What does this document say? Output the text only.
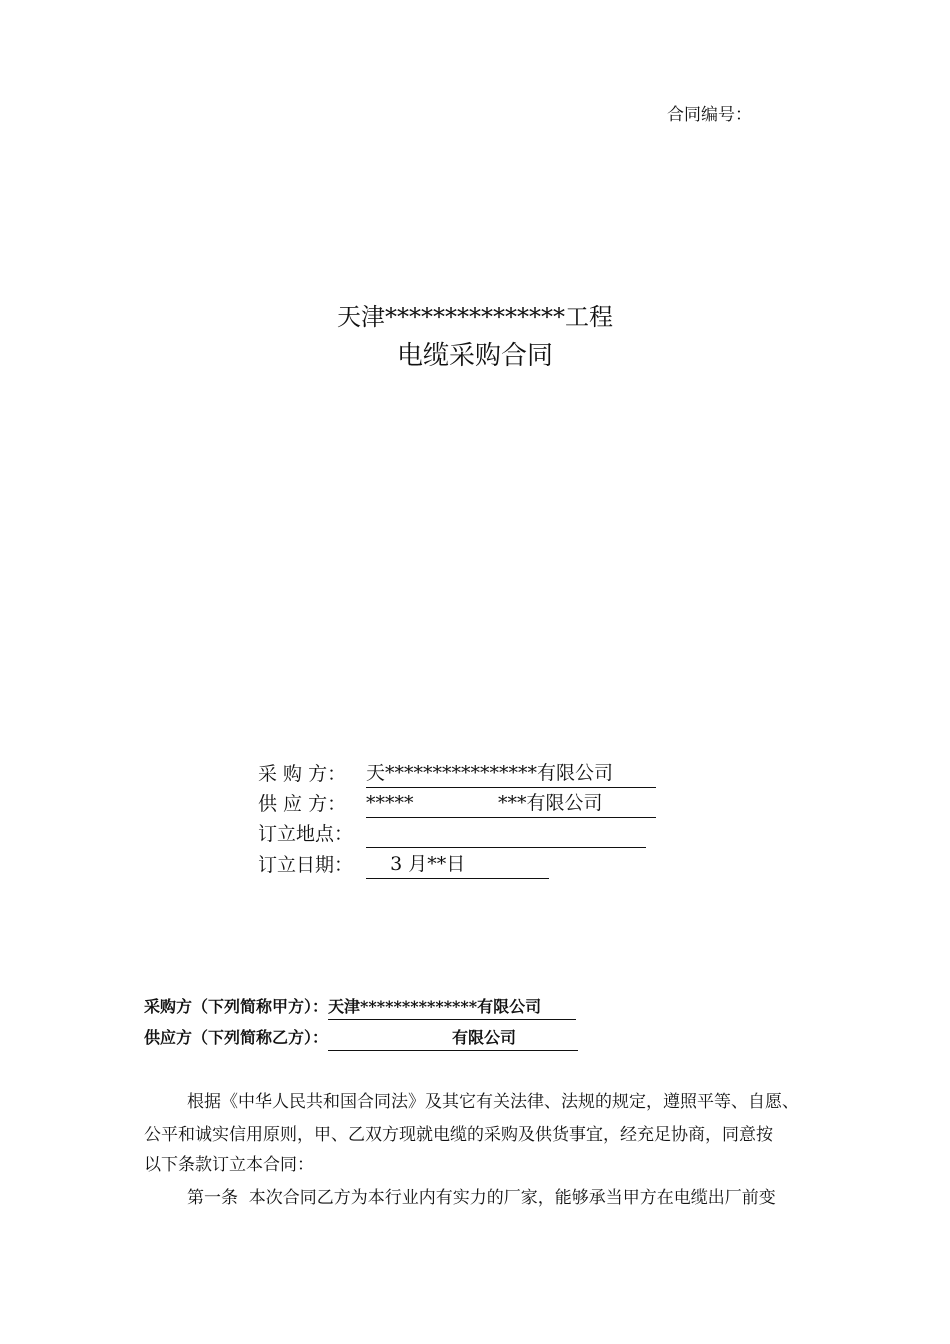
合同编号：
天津***************工程
电缆采购合同
采 购 方： 天****************有限公司
供 应 方： *****              ***有限公司
订立地点：
订立日期：    3 月**日
采购方（下列简称甲方）：天津**************有限公司
供应方（下列简称乙方）：	有限公司
根据《中华人民共和国合同法》及其它有关法律、法规的规定，遵照平等、自愿、
公平和诚实信用原则，甲、乙双方现就电缆的采购及供货事宜，经充足协商，同意按
以下条款订立本合同：
第一条  本次合同乙方为本行业内有实力的厂家，能够承当甲方在电缆出厂前变
